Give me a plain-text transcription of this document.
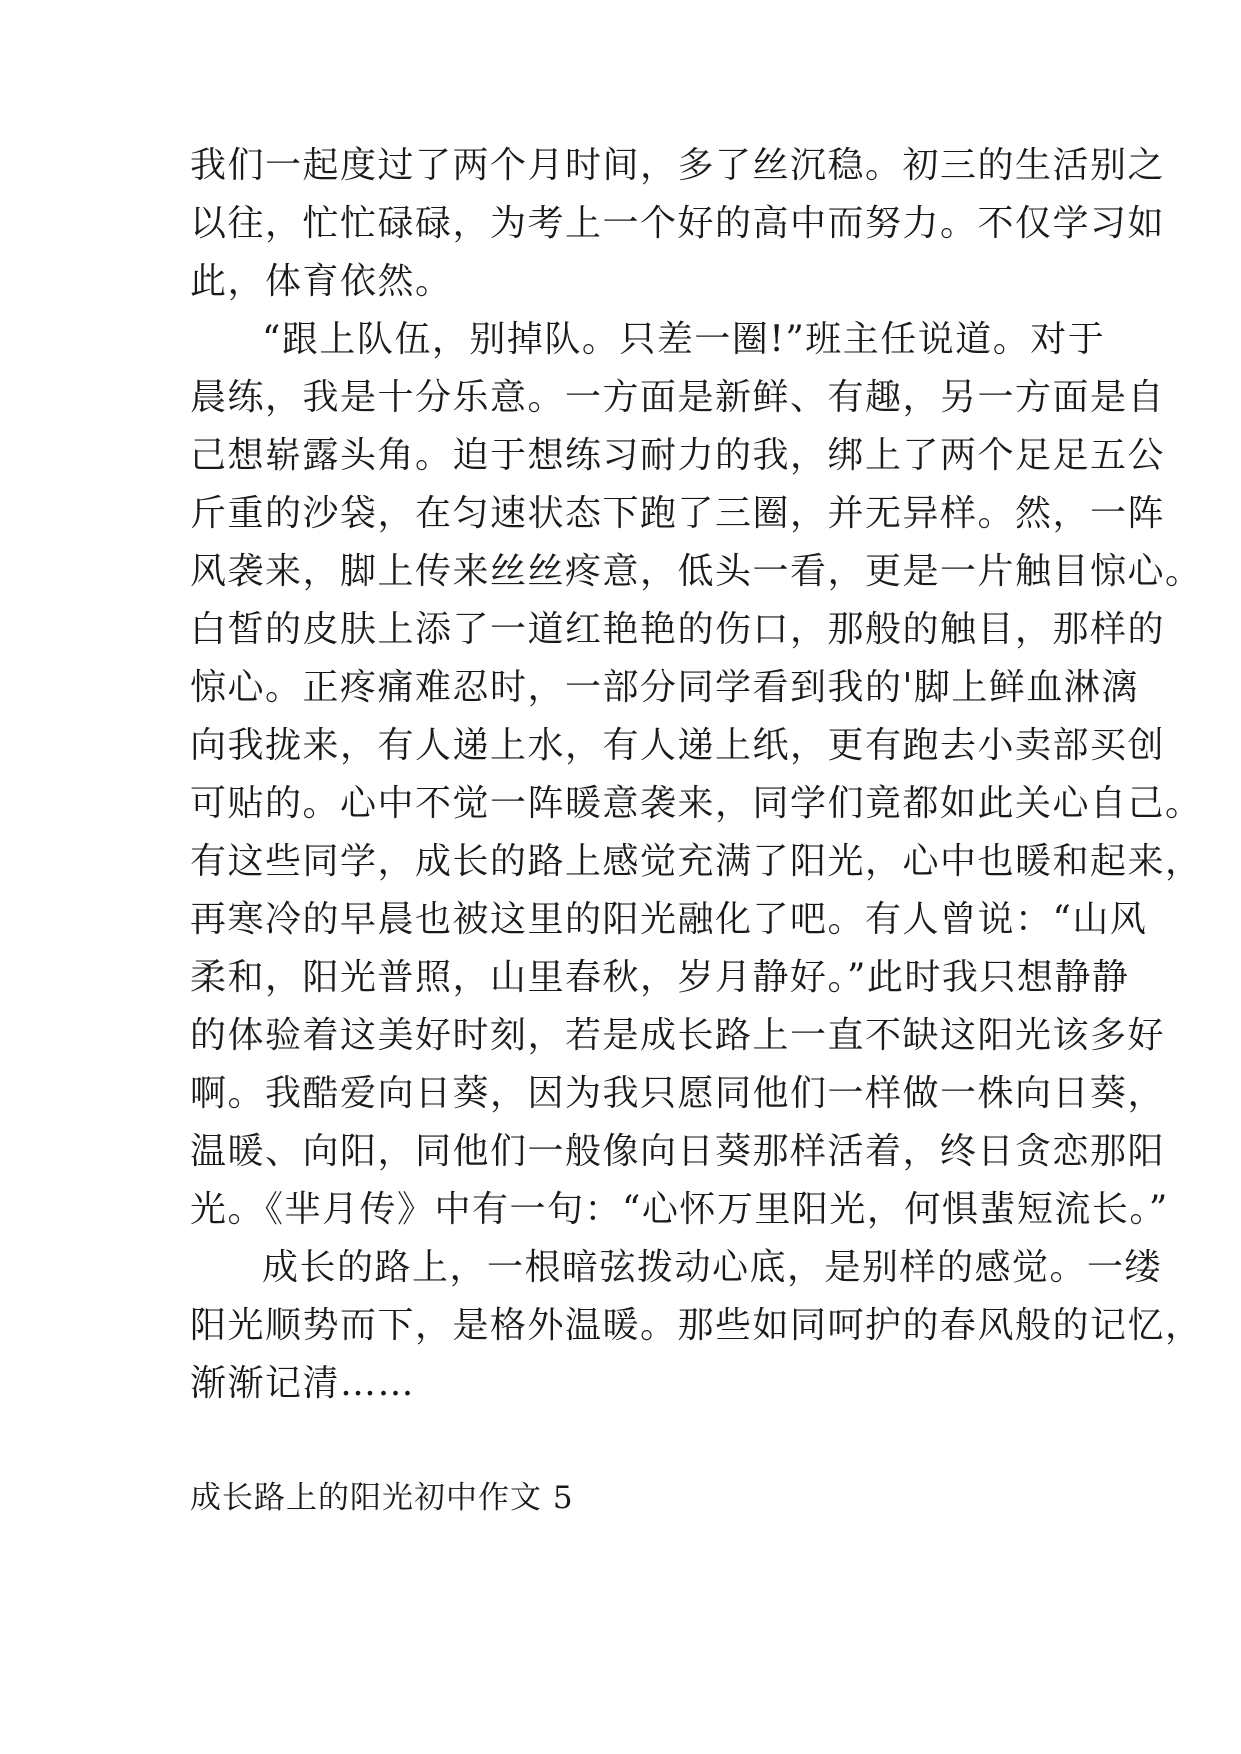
我们一起度过了两个月时间，多了丝沉稳。初三的生活别之
以往，忙忙碌碌，为考上一个好的高中而努力。不仅学习如
此，体育依然。
“跟上队伍，别掉队。只差一圈!”班主任说道。对于
晨练，我是十分乐意。一方面是新鲜、有趣，另一方面是自
己想崭露头角。迫于想练习耐力的我，绑上了两个足足五公
斤重的沙袋，在匀速状态下跑了三圈，并无异样。然，一阵
风袭来，脚上传来丝丝疼意，低头一看，更是一片触目惊心。
白皙的皮肤上添了一道红艳艳的伤口，那般的触目，那样的
惊心。正疼痛难忍时，一部分同学看到我的'脚上鲜血淋漓
向我拢来，有人递上水，有人递上纸，更有跑去小卖部买创
可贴的。心中不觉一阵暖意袭来，同学们竟都如此关心自己。
有这些同学，成长的路上感觉充满了阳光，心中也暖和起来，
再寒冷的早晨也被这里的阳光融化了吧。有人曾说：“山风
柔和，阳光普照，山里春秋，岁月静好。”此时我只想静静
的体验着这美好时刻，若是成长路上一直不缺这阳光该多好
啊。我酷爱向日葵，因为我只愿同他们一样做一株向日葵，
温暖、向阳，同他们一般像向日葵那样活着，终日贪恋那阳
光。《芈月传》中有一句：“心怀万里阳光，何惧蜚短流长。”
成长的路上，一根暗弦拨动心底，是别样的感觉。一缕
阳光顺势而下，是格外温暖。那些如同呵护的春风般的记忆，
渐渐记清……
成长路上的阳光初中作文 5
